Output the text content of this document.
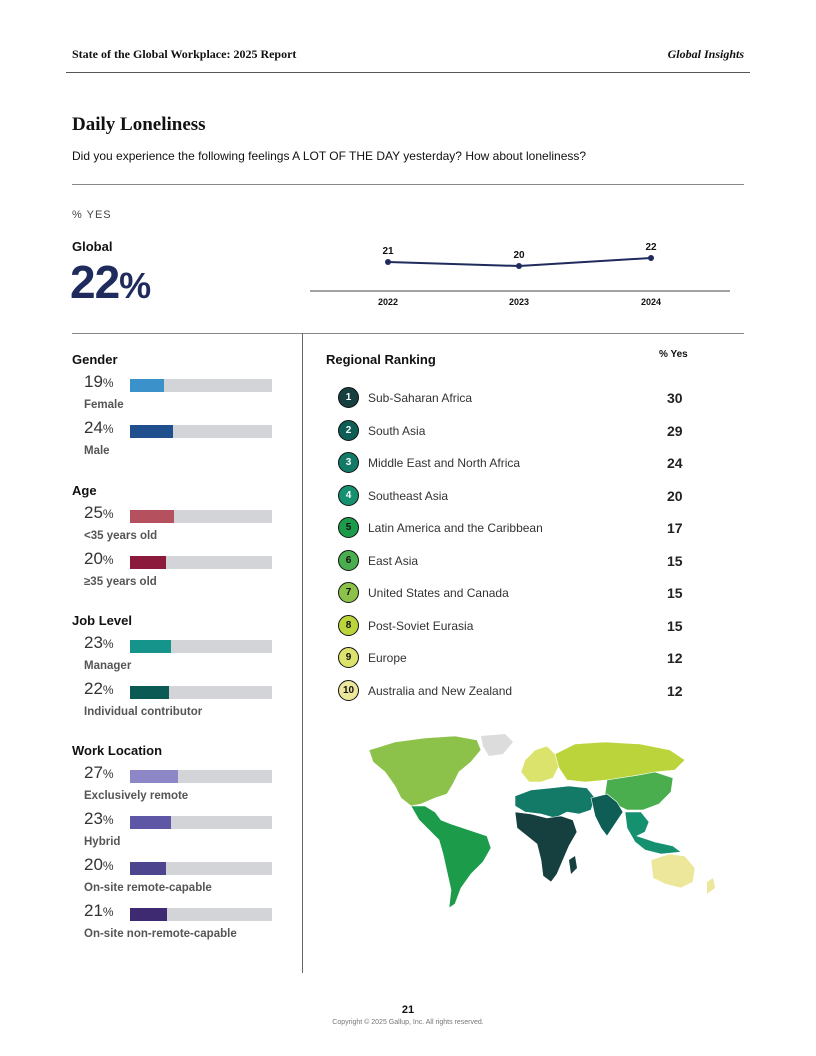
State of the Global Workplace: 2025 Report	Global Insights
Daily Loneliness
Did you experience the following feelings A LOT OF THE DAY yesterday? How about loneliness?
% YES
Global
22%
21
2022
20
2023
22
2024
Gender
19%
Female
24%
Male
Age
25%
<35 years old
20%
≥35 years old
Job Level
23%
Manager
22%
Individual contributor
Work Location
27%
Exclusively remote
23%
Hybrid
20%
On-site remote-capable
21%
On-site non-remote-capable
Regional Ranking	% Yes
1	Sub-Saharan Africa	30
2	South Asia	29
3	Middle East and North Africa	24
4	Southeast Asia	20
5	Latin America and the Caribbean	17
6	East Asia	15
7	United States and Canada	15
8	Post-Soviet Eurasia	15
9	Europe	12
10	Australia and New Zealand	12
21
Copyright © 2025 Gallup, Inc. All rights reserved.
